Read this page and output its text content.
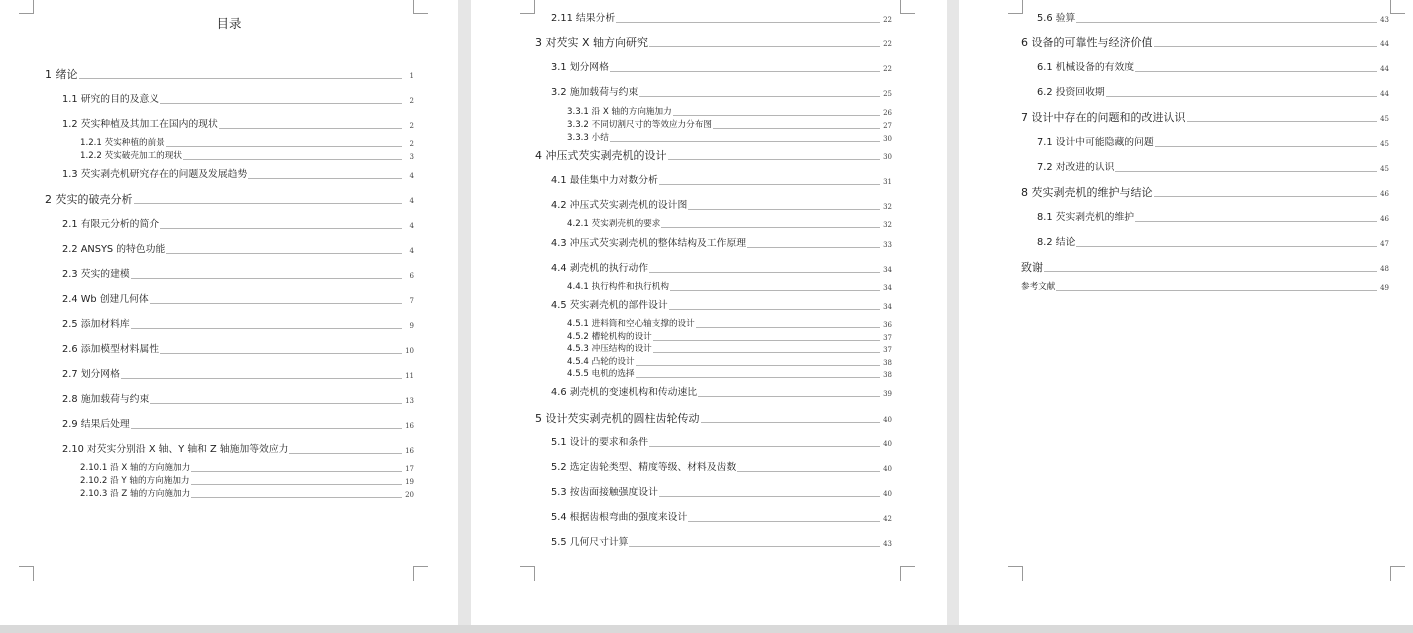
目录
1 绪论	1
1.1 研究的目的及意义	2
1.2 芡实种植及其加工在国内的现状	2
1.2.1 芡实种植的前景	2
1.2.2 芡实破壳加工的现状	3
1.3 芡实剥壳机研究存在的问题及发展趋势	4
2 芡实的破壳分析	4
2.1 有限元分析的简介	4
2.2 ANSYS 的特色功能	4
2.3 芡实的建模	6
2.4 Wb 创建几何体	7
2.5 添加材料库	9
2.6 添加模型材料属性	10
2.7 划分网格	11
2.8 施加载荷与约束	13
2.9 结果后处理	16
2.10 对芡实分别沿 X 轴、Y 轴和 Z 轴施加等效应力	16
2.10.1 沿 X 轴的方向施加力	17
2.10.2 沿 Y 轴的方向施加力	19
2.10.3 沿 Z 轴的方向施加力	20
2.11 结果分析	22
3 对芡实 X 轴方向研究	22
3.1 划分网格	22
3.2 施加载荷与约束	25
3.3.1 沿 X 轴的方向施加力	26
3.3.2 不同切割尺寸的等效应力分布图	27
3.3.3 小结	30
4 冲压式芡实剥壳机的设计	30
4.1 最佳集中力对数分析	31
4.2 冲压式芡实剥壳机的设计图	32
4.2.1 芡实剥壳机的要求	32
4.3 冲压式芡实剥壳机的整体结构及工作原理	33
4.4 剥壳机的执行动作	34
4.4.1 执行构件和执行机构	34
4.5 芡实剥壳机的部件设计	34
4.5.1 进料筒和空心轴支撑的设计	36
4.5.2 槽轮机构的设计	37
4.5.3 冲压结构的设计	37
4.5.4 凸轮的设计	38
4.5.5 电机的选择	38
4.6 剥壳机的变速机构和传动速比	39
5 设计芡实剥壳机的圆柱齿轮传动	40
5.1 设计的要求和条件	40
5.2 选定齿轮类型、精度等级、材料及齿数	40
5.3 按齿面接触强度设计	40
5.4 根据齿根弯曲的强度来设计	42
5.5 几何尺寸计算	43
5.6 验算	43
6 设备的可靠性与经济价值	44
6.1 机械设备的有效度	44
6.2 投资回收期	44
7 设计中存在的问题和的改进认识	45
7.1 设计中可能隐藏的问题	45
7.2 对改进的认识	45
8 芡实剥壳机的维护与结论	46
8.1 芡实剥壳机的维护	46
8.2 结论	47
致谢	48
参考文献	49
